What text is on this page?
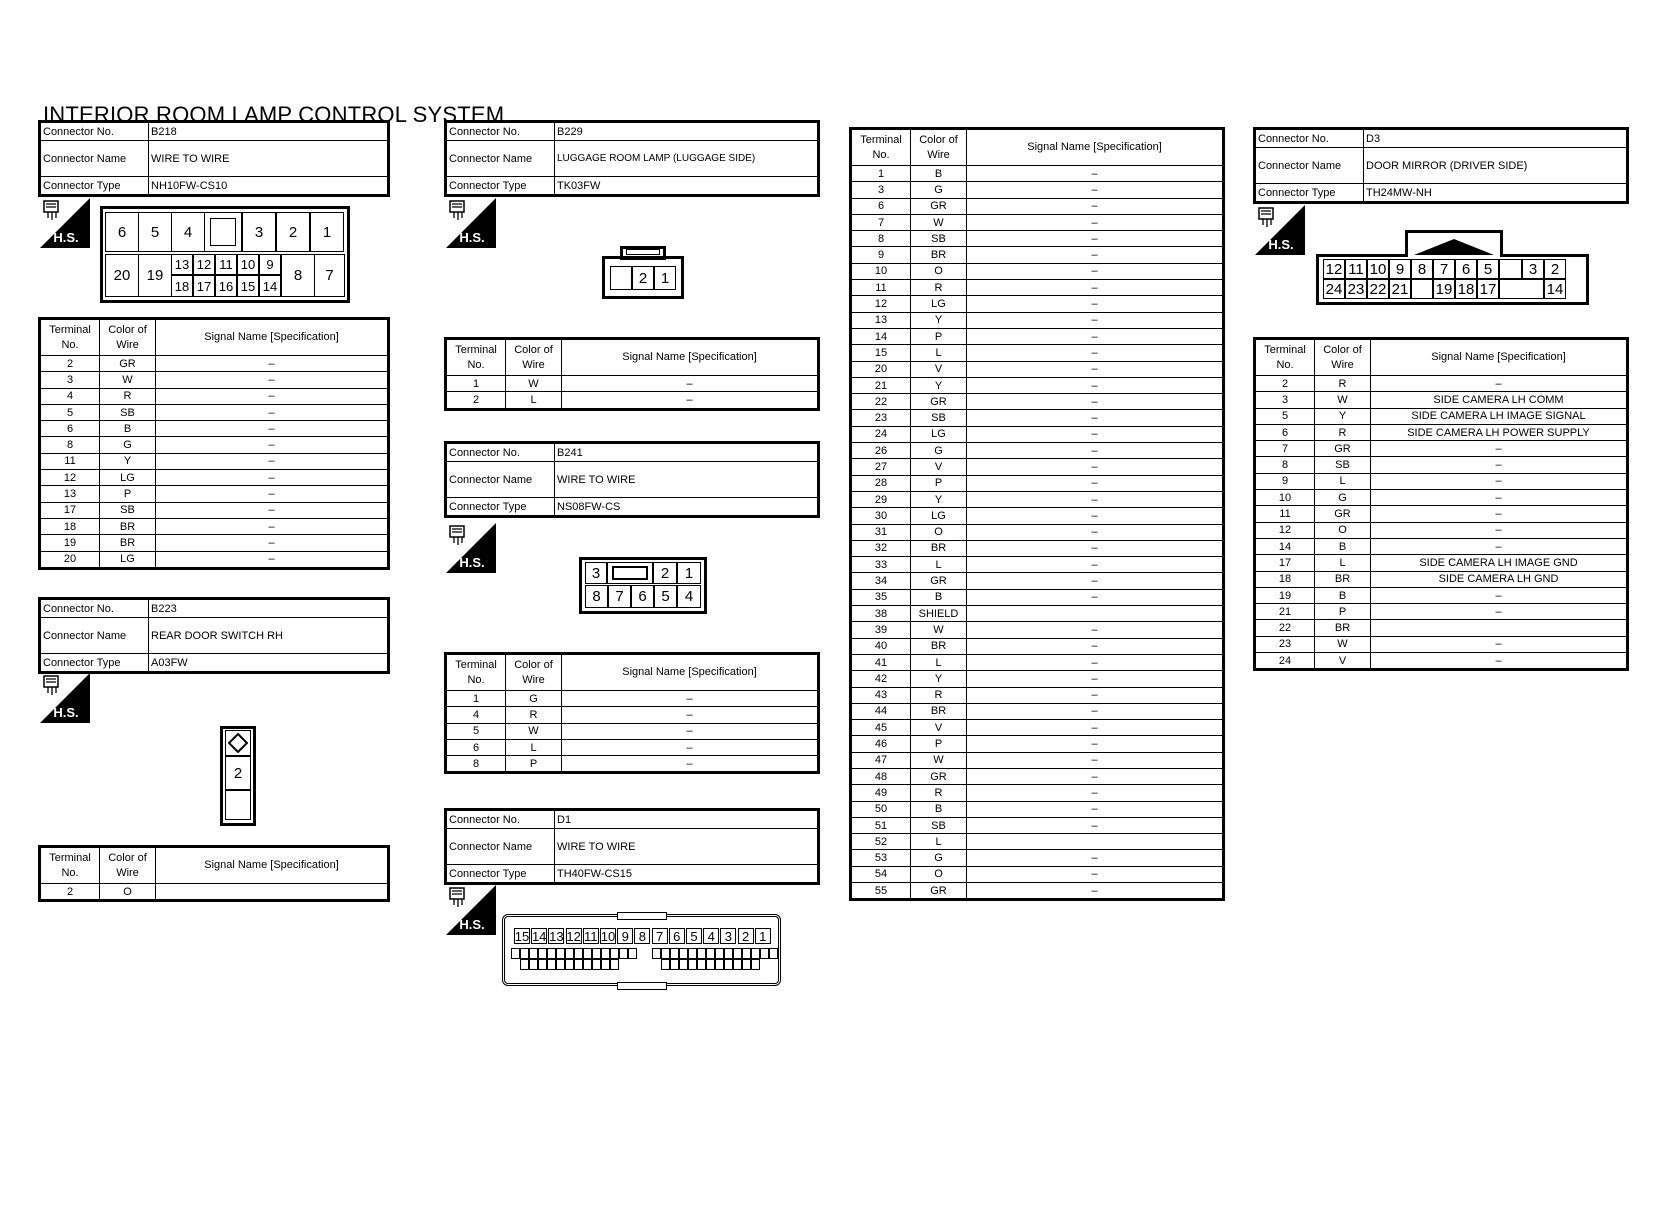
INTERIOR ROOM LAMP CONTROL SYSTEM
Connector No.	B218
Connector Name	WIRE TO WIRE
Connector Type	NH10FW-CS10
H.S.	6	5	4	3	2	1
20	19
13 12 11 10 9
18 17 16 15 14
8	7
Terminal No.	Color of Wire	Signal Name [Specification]
2	GR	–
3	W	–
4	R	–
5	SB	–
6	B	–
8	G	–
11	Y	–
12	LG	–
13	P	–
17	SB	–
18	BR	–
19	BR	–
20	LG	–
Connector No.	B223
Connector Name	REAR DOOR SWITCH RH
Connector Type	A03FW
H.S.
2
Terminal No.	Color of Wire	Signal Name [Specification]
2	O	
Connector No.	B229
Connector Name	LUGGAGE ROOM LAMP (LUGGAGE SIDE)
Connector Type	TK03FW
H.S.
2 1
Terminal No.	Color of Wire	Signal Name [Specification]
1	W	–
2	L	–
Connector No.	B241
Connector Name	WIRE TO WIRE
Connector Type	NS08FW-CS
H.S.
3	2	1
8 7 6 5	4
Terminal No.	Color of Wire	Signal Name [Specification]
1	G	–
4	R	–
5	W	–
6	L	–
8	P	–
Connector No.	D1
Connector Name	WIRE TO WIRE
Connector Type	TH40FW-CS15
H.S.
15 14 13 12 11 10 9 8 7 6 5 4 3 2 1
Terminal No.	Color of Wire	Signal Name [Specification]
1	B	–
3	G	–
6	GR	–
7	W	–
8	SB	–
9	BR	–
10	O	–
11	R	–
12	LG	–
13	Y	–
14	P	–
15	L	–
20	V	–
21	Y	–
22	GR	–
23	SB	–
24	LG	–
26	G	–
27	V	–
28	P	–
29	Y	–
30	LG	–
31	O	–
32	BR	–
33	L	–
34	GR	–
35	B	–
38	SHIELD	
39	W	–
40	BR	–
41	L	–
42	Y	–
43	R	–
44	BR	–
45	V	–
46	P	–
47	W	–
48	GR	–
49	R	–
50	B	–
51	SB	–
52	L	
53	G	–
54	O	–
55	GR	–
Connector No.	D3
Connector Name	DOOR MIRROR (DRIVER SIDE)
Connector Type	TH24MW-NH
H.S.
12 11 10 9 8 7 6 5	3 2
24 23 22 21 19 18 17	14
Terminal No.	Color of Wire	Signal Name [Specification]
2	R	–
3	W	SIDE CAMERA LH COMM
5	Y	SIDE CAMERA LH IMAGE SIGNAL
6	R	SIDE CAMERA LH POWER SUPPLY
7	GR	–
8	SB	–
9	L	–
10	G	–
11	GR	–
12	O	–
14	B	–
17	L	SIDE CAMERA LH IMAGE GND
18	BR	SIDE CAMERA LH GND
19	B	–
21	P	–
22	BR	
23	W	–
24	V	–
